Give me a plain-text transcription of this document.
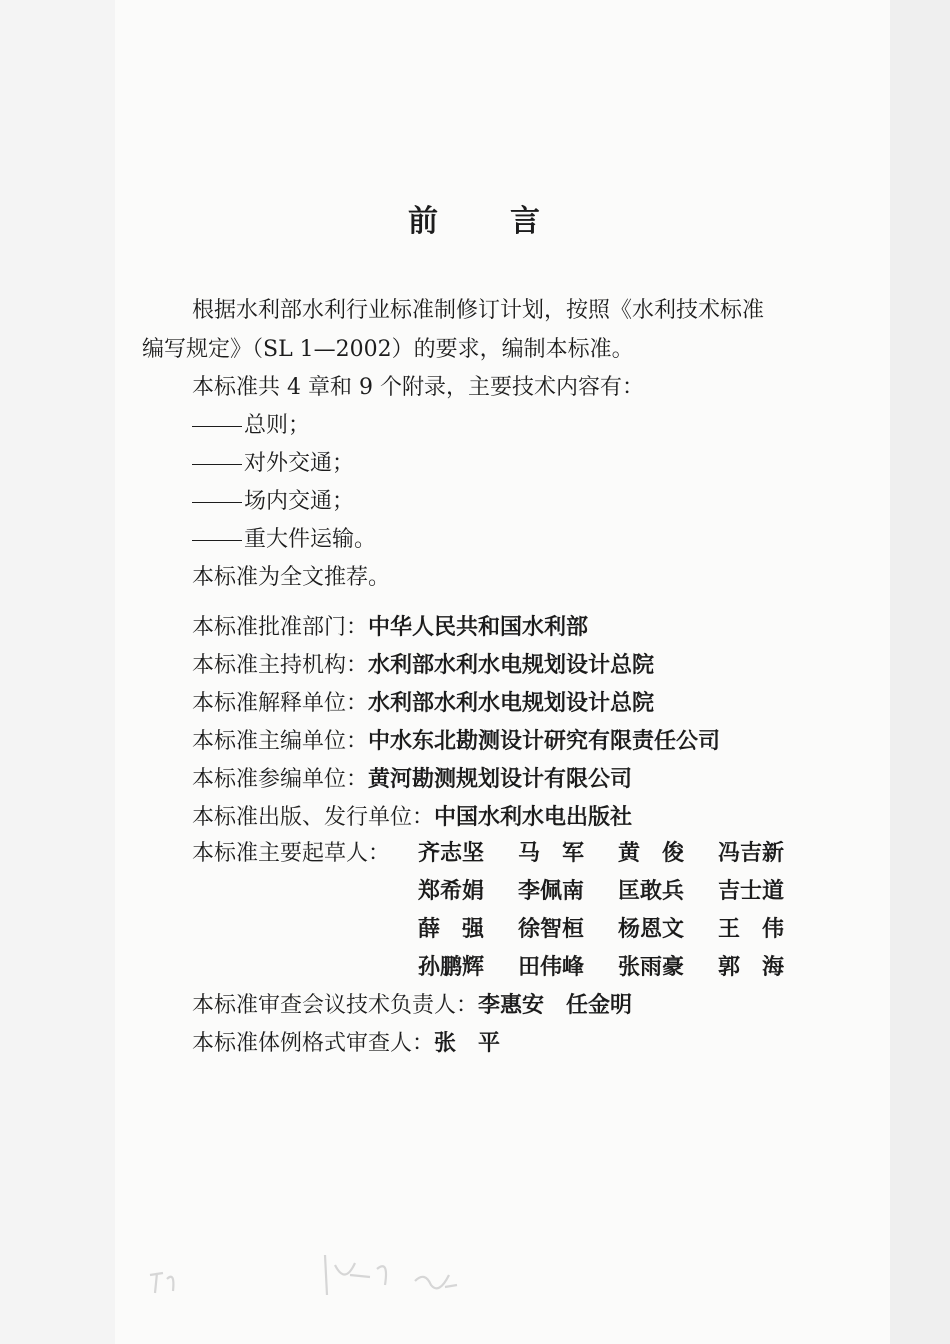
前 言
根据水利部水利行业标准制修订计划，按照《水利技术标准
编写规定》（SL 1—2002）的要求，编制本标准。
本标准共 4 章和 9 个附录，主要技术内容有：
总则；
对外交通；
场内交通；
重大件运输。
本标准为全文推荐。
本标准批准部门：中华人民共和国水利部
本标准主持机构：水利部水利水电规划设计总院
本标准解释单位：水利部水利水电规划设计总院
本标准主编单位：中水东北勘测设计研究有限责任公司
本标准参编单位：黄河勘测规划设计有限公司
本标准出版、发行单位：中国水利水电出版社
本标准主要起草人： 齐志坚	马　军	黄　俊	冯吉新
郑希娟	李佩南	匡敢兵	吉士道
薛　强	徐智桓	杨恩文	王　伟
孙鹏辉	田伟峰	张雨豪	郭　海
本标准审查会议技术负责人：李惠安　任金明
本标准体例格式审查人：张　平
